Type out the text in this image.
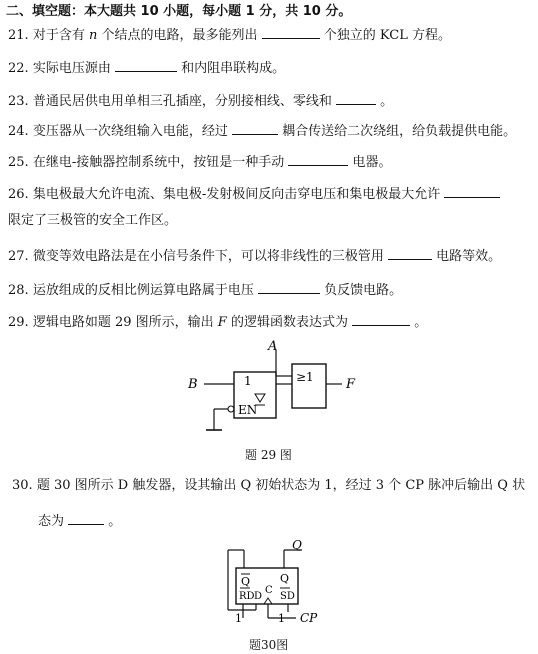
二、填空题：本大题共 10 小题，每小题 1 分，共 10 分。
21. 对于含有 n 个结点的电路，最多能列出	个独立的 KCL 方程。
22. 实际电压源由	和内阻串联构成。
23. 普通民居供电用单相三孔插座，分别接相线、零线和	。
24. 变压器从一次绕组输入电能，经过	耦合传送给二次绕组，给负载提供电能。
25. 在继电-接触器控制系统中，按钮是一种手动	电器。
26. 集电极最大允许电流、集电极-发射极间反向击穿电压和集电极最大允许
限定了三极管的安全工作区。
27. 微变等效电路法是在小信号条件下，可以将非线性的三极管用	电路等效。
28. 运放组成的反相比例运算电路属于电压	负反馈电路。
29. 逻辑电路如题 29 图所示，输出 F 的逻辑函数表达式为	。
A
B	1
EN
≥1 F
题 29 图
30. 题 30 图所示 D 触发器，设其输出 Q 初始状态为 1，经过 3 个 CP 脉冲后输出 Q 状
态为	。
Q
Q	Q
RD D
C
SD
1	CP
1
题30图
